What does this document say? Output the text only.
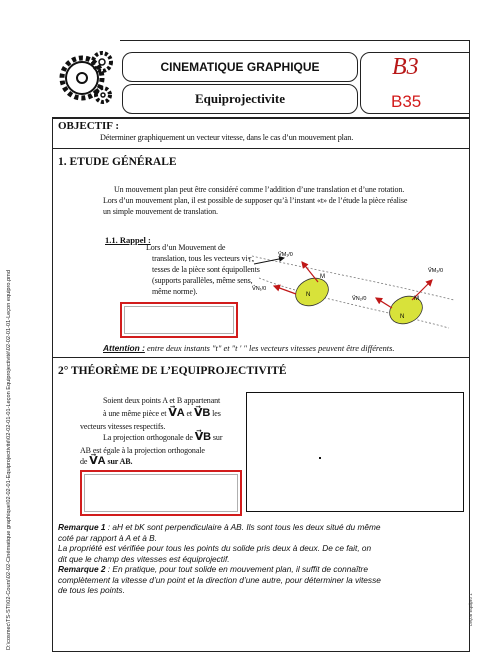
D:\cosmec\TS-STI\02-Cours\02-02-Cinématique graphique\02-02-01-Equiprojectivité\02-02-01-01-Leçon Equiprojectivité\02-02-01-01-Leçon equipro.pmd	Leçon Equipro 1
CINEMATIQUE GRAPHIQUE
Equiprojectivite
B3
B35
OBJECTIF :
Déterminer graphiquement un vecteur vitesse, dans le cas d’un mouvement plan.
1. ETUDE GÉNÉRALE
Un mouvement plan peut être considéré comme l’addition d’une translation et d’une rotation.
Lors d’un mouvement plan, il est possible de supposer qu’à l’instant «t» de l’étude la pièce réalise
un simple mouvement de translation.
1.1. Rappel :
Lors d’un Mouvement de
translation, tous les vecteurs vi-
tesses de la pièce sont équipollents
(supports parallèles, même sens,
même norme).
Tₙ
V⃗M₁/0
M
V⃗N₁/0
N
V⃗M₂/0
M
V⃗N₂/0
N
Attention : entre deux instants "t" et "t ' " les vecteurs vitesses peuvent être différents.
2° THÉORÈME DE L’EQUIPROJECTIVITÉ
Soient deux points A et B appartenant
à une même pièce et V⃗A et V⃗B les
vecteurs vitesses respectifs.
La projection orthogonale de V⃗B sur
AB est égale à la projection orthogonale
de V⃗A sur AB.
Remarque 1 : aH et bK sont perpendiculaire à AB. Ils sont tous les deux situé du même
coté par rapport à A et à B.
La propriété est vérifiée pour tous les points du solide pris deux à deux. De ce fait, on
dit que le champ des vitesses est équiprojectif.
Remarque 2 : En pratique, pour tout solide en mouvement plan, il suffit de connaître
complètement la vitesse d’un point et la direction d’une autre, pour déterminer la vitesse
de tous les points.
